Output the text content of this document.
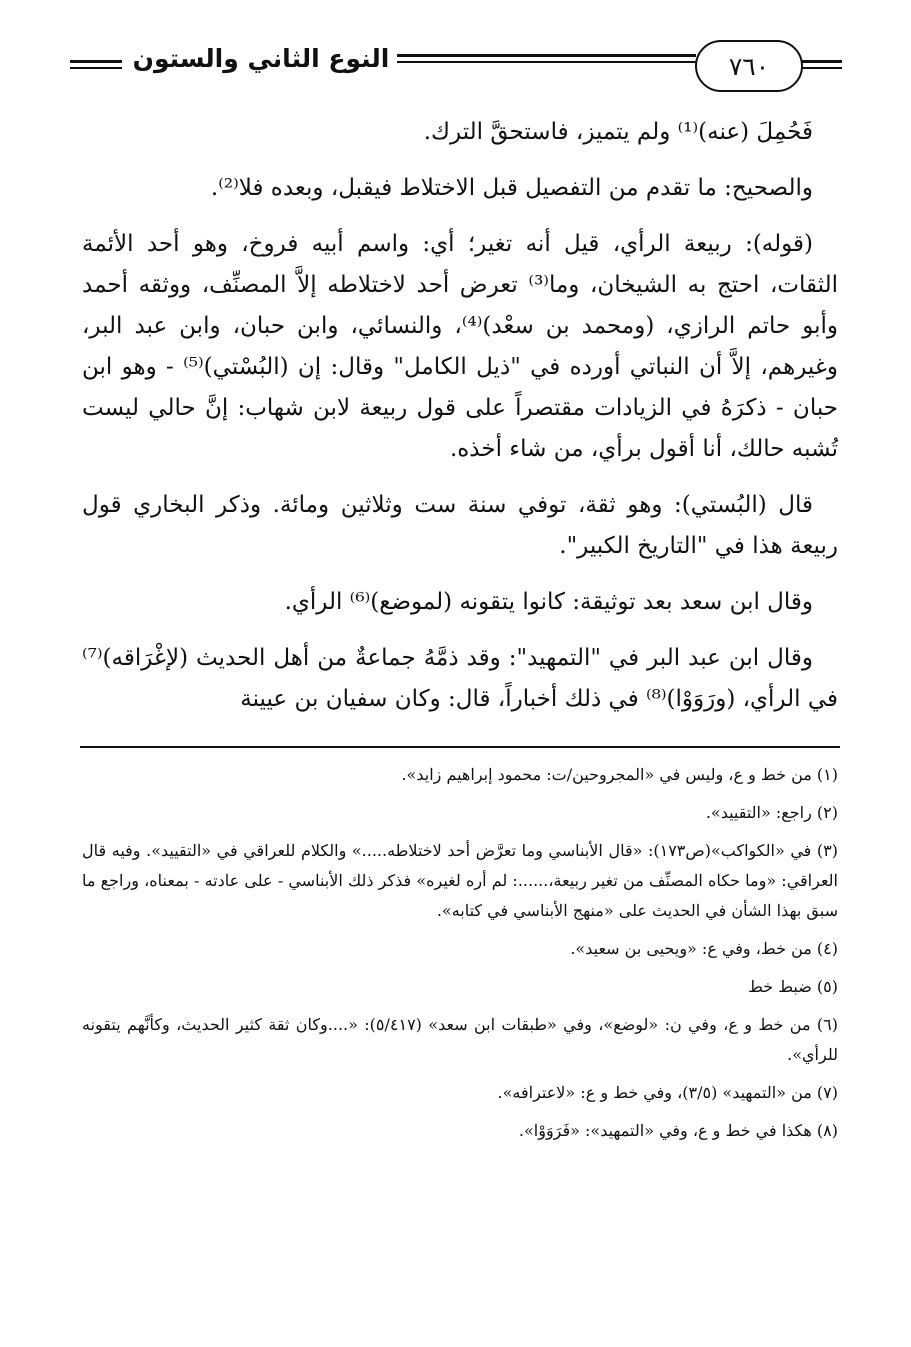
٧٦٠
النوع الثاني والستون

فَحُمِلَ (عنه)⁽¹⁾ ولم يتميز، فاستحقَّ الترك.

والصحيح: ما تقدم من التفصيل قبل الاختلاط فيقبل، وبعده فلا⁽²⁾.

(قوله): ربيعة الرأي، قيل أنه تغير؛ أي: واسم أبيه فروخ، وهو أحد الأئمة الثقات، احتج به الشيخان، وما⁽³⁾ تعرض أحد لاختلاطه إلاَّ المصنِّف، ووثقه أحمد وأبو حاتم الرازي، (ومحمد بن سعْد)⁽⁴⁾، والنسائي، وابن حبان، وابن عبد البر، وغيرهم، إلاَّ أن النباتي أورده في "ذيل الكامل" وقال: إن (البُسْتي)⁽⁵⁾ - وهو ابن حبان - ذكرَهُ في الزيادات مقتصراً على قول ربيعة لابن شهاب: إنَّ حالي ليست تُشبه حالك، أنا أقول برأي، من شاء أخذه.

قال (البُستي): وهو ثقة، توفي سنة ست وثلاثين ومائة. وذكر البخاري قول ربيعة هذا في "التاريخ الكبير".

وقال ابن سعد بعد توثيقة: كانوا يتقونه (لموضع)⁽⁶⁾ الرأي.

وقال ابن عبد البر في "التمهيد": وقد ذمَّهُ جماعةٌ من أهل الحديث (لإغْرَاقه)⁽⁷⁾ في الرأي، (ورَوَوْا)⁽⁸⁾ في ذلك أخباراً، قال: وكان سفيان بن عيينة

(١) من خط و ع، وليس في «المجروحين/ت: محمود إبراهيم زايد».

(٢) راجع: «التقييد».

(٣) في «الكواكب»(ص١٧٣): «قال الأبناسي وما تعرَّض أحد لاختلاطه.....» والكلام للعراقي في «التقييد». وفيه قال العراقي: «وما حكاه المصنِّف من تغير ربيعة،......: لم أره لغيره» فذكر ذلك الأبناسي - على عادته - بمعناه، وراجع ما سبق بهذا الشأن في الحديث على «منهج الأبناسي في كتابه».

(٤) من خط، وفي ع: «ويحيى بن سعيد».

(٥) ضبط خط

(٦) من خط و ع، وفي ن: «لوضع»، وفي «طبقات ابن سعد» (٥/٤١٧): «....وكان ثقة كثير الحديث، وكأنَّهم يتقونه للرأي».

(٧) من «التمهيد» (٣/٥)، وفي خط و ع: «لاعترافه».

(٨) هكذا في خط و ع، وفي «التمهيد»: «فَرَوَوْا».
